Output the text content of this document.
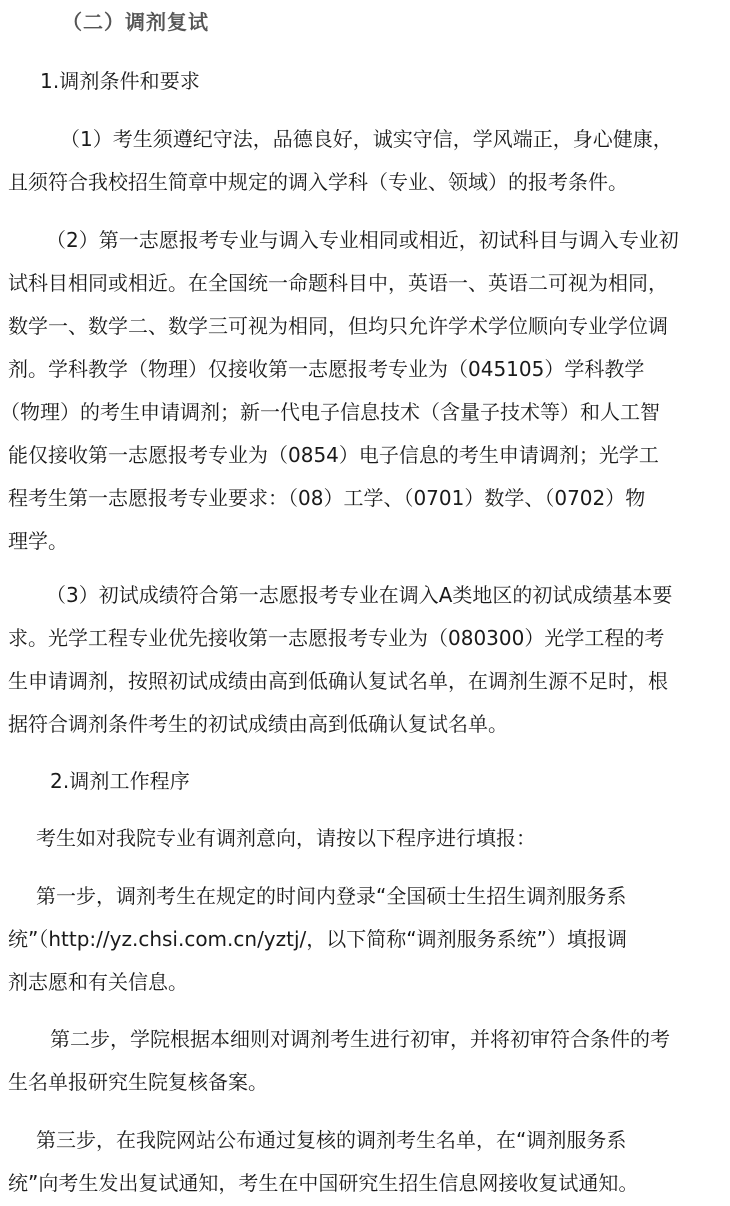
（二）调剂复试
1.调剂条件和要求
（1）考生须遵纪守法，品德良好，诚实守信，学风端正，身心健康，
且须符合我校招生简章中规定的调入学科（专业、领域）的报考条件。
（2）第一志愿报考专业与调入专业相同或相近，初试科目与调入专业初
试科目相同或相近。在全国统一命题科目中，英语一、英语二可视为相同，
数学一、数学二、数学三可视为相同，但均只允许学术学位顺向专业学位调
剂。学科教学（物理）仅接收第一志愿报考专业为（045105）学科教学
（物理）的考生申请调剂；新一代电子信息技术（含量子技术等）和人工智
能仅接收第一志愿报考专业为（0854）电子信息的考生申请调剂；光学工
程考生第一志愿报考专业要求：（08）工学、（0701）数学、（0702）物
理学。
（3）初试成绩符合第一志愿报考专业在调入A类地区的初试成绩基本要
求。光学工程专业优先接收第一志愿报考专业为（080300）光学工程的考
生申请调剂，按照初试成绩由高到低确认复试名单，在调剂生源不足时，根
据符合调剂条件考生的初试成绩由高到低确认复试名单。
2.调剂工作程序
考生如对我院专业有调剂意向，请按以下程序进行填报：
第一步，调剂考生在规定的时间内登录“全国硕士生招生调剂服务系
统”（http://yz.chsi.com.cn/yztj/，以下简称“调剂服务系统”）填报调
剂志愿和有关信息。
第二步，学院根据本细则对调剂考生进行初审，并将初审符合条件的考
生名单报研究生院复核备案。
第三步，在我院网站公布通过复核的调剂考生名单，在“调剂服务系
统”向考生发出复试通知，考生在中国研究生招生信息网接收复试通知。
